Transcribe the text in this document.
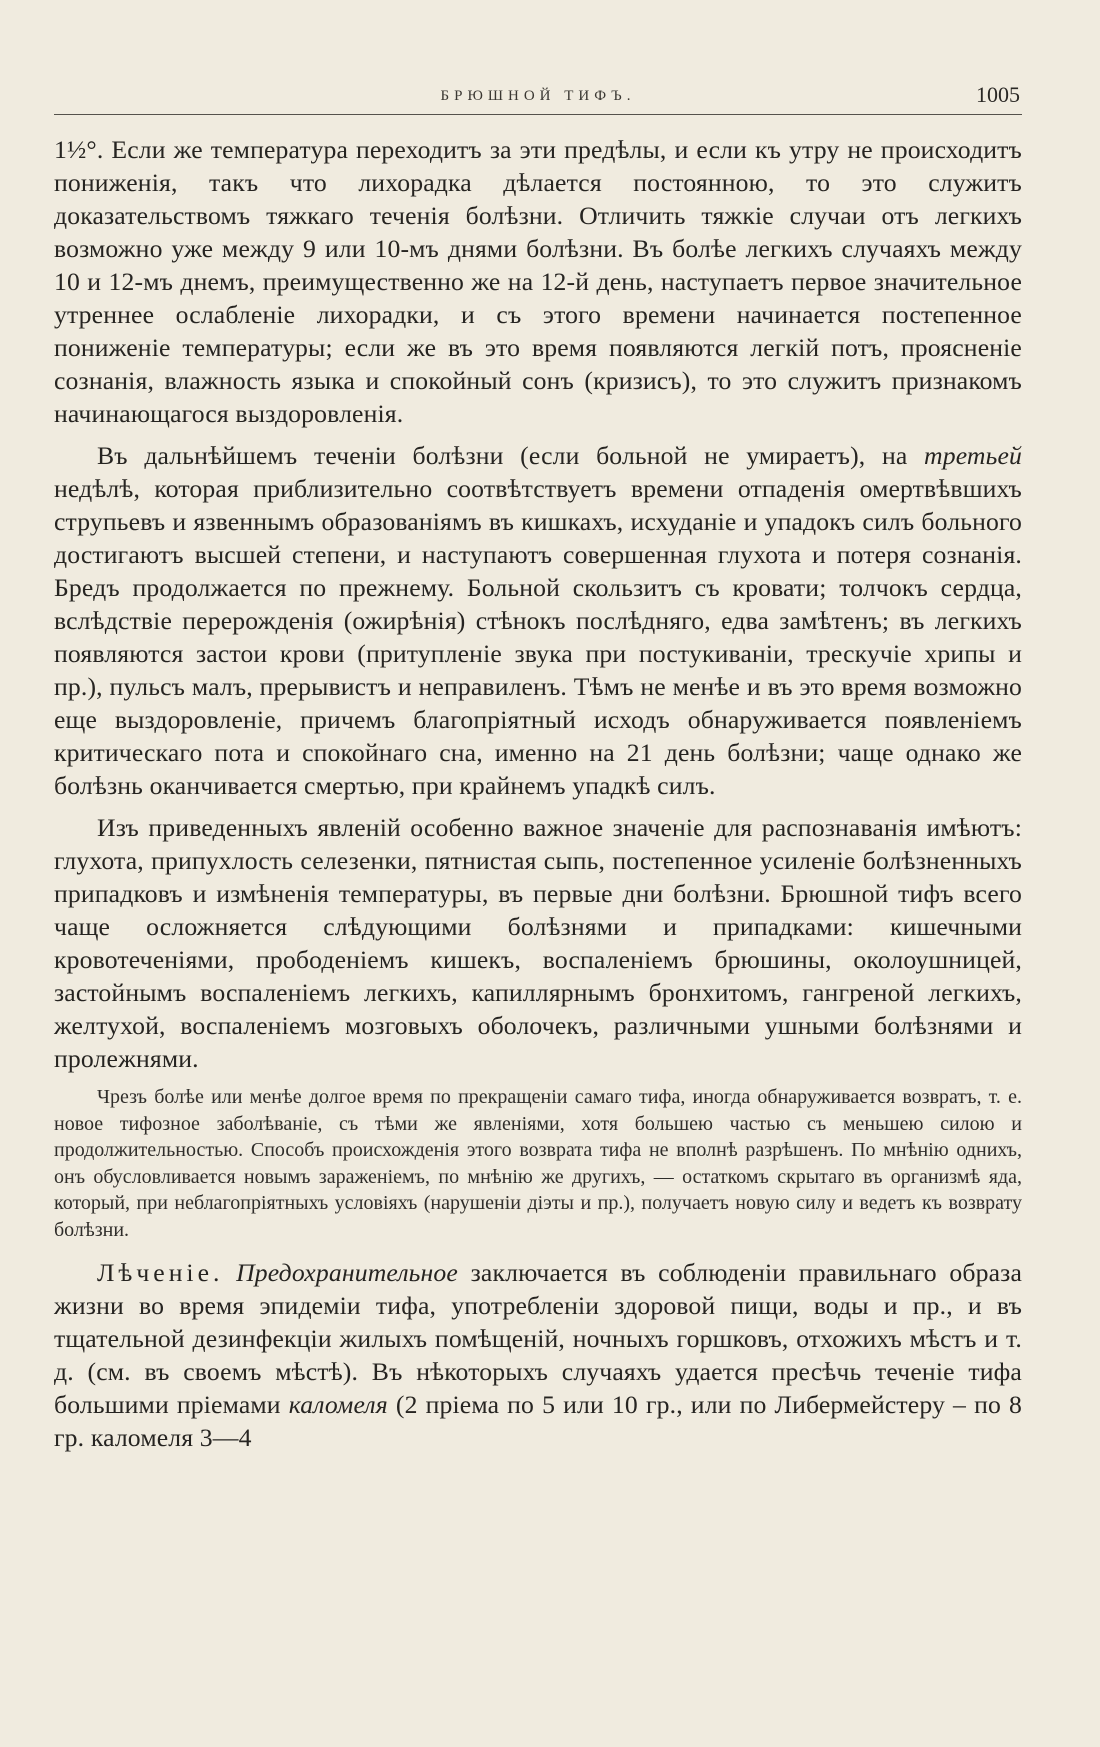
БРЮШНОЙ ТИФЪ.	1005

1½°. Если же температура переходитъ за эти предѣлы, и если къ утру не происходитъ пониженія, такъ что лихорадка дѣлается постоянною, то это служитъ доказательствомъ тяжкаго теченія болѣзни. Отличить тяжкіе случаи отъ легкихъ возможно уже между 9 или 10-мъ днями болѣзни. Въ болѣе легкихъ случаяхъ между 10 и 12-мъ днемъ, преимущественно же на 12-й день, наступаетъ первое значительное утреннее ослабленіе лихорадки, и съ этого времени начинается постепенное пониженіе температуры; если же въ это время появляются легкій потъ, проясненіе сознанія, влажность языка и спокойный сонъ (кризисъ), то это служитъ признакомъ начинающагося выздоровленія.

Въ дальнѣйшемъ теченіи болѣзни (если больной не умираетъ), на третьей недѣлѣ, которая приблизительно соотвѣтствуетъ времени отпаденія омертвѣвшихъ струпьевъ и язвеннымъ образованіямъ въ кишкахъ, исхуданіе и упадокъ силъ больного достигаютъ высшей степени, и наступаютъ совершенная глухота и потеря сознанія. Бредъ продолжается по прежнему. Больной скользитъ съ кровати; толчокъ сердца, вслѣдствіе перерожденія (ожирѣнія) стѣнокъ послѣдняго, едва замѣтенъ; въ легкихъ появляются застои крови (притупленіе звука при постукиваніи, трескучіе хрипы и пр.), пульсъ малъ, прерывистъ и неправиленъ. Тѣмъ не менѣе и въ это время возможно еще выздоровленіе, причемъ благопріятный исходъ обнаруживается появленіемъ критическаго пота и спокойнаго сна, именно на 21 день болѣзни; чаще однако же болѣзнь оканчивается смертью, при крайнемъ упадкѣ силъ.

Изъ приведенныхъ явленій особенно важное значеніе для распознаванія имѣютъ: глухота, припухлость селезенки, пятнистая сыпь, постепенное усиленіе болѣзненныхъ припадковъ и измѣненія температуры, въ первые дни болѣзни. Брюшной тифъ всего чаще осложняется слѣдующими болѣзнями и припадками: кишечными кровотеченіями, прободеніемъ кишекъ, воспаленіемъ брюшины, околоушницей, застойнымъ воспаленіемъ легкихъ, капиллярнымъ бронхитомъ, гангреной легкихъ, желтухой, воспаленіемъ мозговыхъ оболочекъ, различными ушными болѣзнями и пролежнями.

Чрезъ болѣе или менѣе долгое время по прекращеніи самаго тифа, иногда обнаруживается возвратъ, т. е. новое тифозное заболѣваніе, съ тѣми же явленіями, хотя большею частью съ меньшею силою и продолжительностью. Способъ происхожденія этого возврата тифа не вполнѣ разрѣшенъ. По мнѣнію однихъ, онъ обусловливается новымъ зараженіемъ, по мнѣнію же другихъ, — остаткомъ скрытаго въ организмѣ яда, который, при неблагопріятныхъ условіяхъ (нарушеніи діэты и пр.), получаетъ новую силу и ведетъ къ возврату болѣзни.

Лѣченіе. Предохранительное заключается въ соблюденіи правильнаго образа жизни во время эпидеміи тифа, употребленіи здоровой пищи, воды и пр., и въ тщательной дезинфекціи жилыхъ помѣщеній, ночныхъ горшковъ, отхожихъ мѣстъ и т. д. (см. въ своемъ мѣстѣ). Въ нѣкоторыхъ случаяхъ удается пресѣчь теченіе тифа большими пріемами каломеля (2 пріема по 5 или 10 гр., или по Либермейстеру – по 8 гр. каломеля 3—4
